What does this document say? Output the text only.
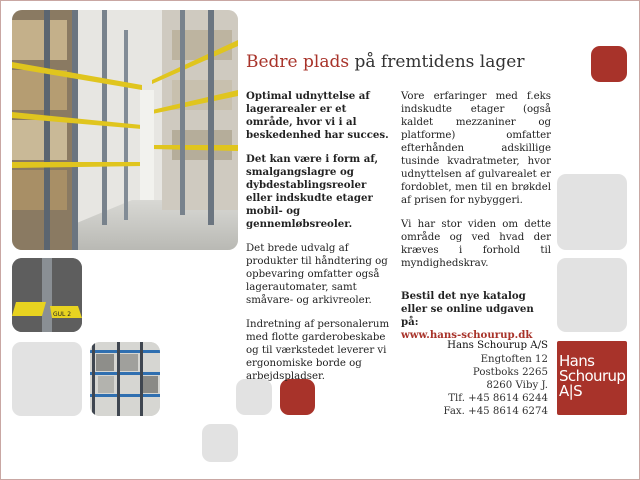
GUL 2
Bedre plads på fremtidens lager

Optimal udnyttelse af lagerarealer er et område, hvor vi i al beskedenhed har succes.

Det kan være i form af, smalgangslagre og dybdestablingsreoler eller indskudte etager mobil- og gennemløbsreoler.

Det brede udvalg af produkter til håndtering og opbevaring omfatter også lagerautomater, samt småvare- og arkivreoler.

Indretning af personalerum med flotte garderobeskabe og til værkstedet leverer vi ergonomiske borde og arbejdspladser.

Vore erfaringer med f.eks indskudte etager (også kaldet mezzaniner og platforme) omfatter efterhånden adskillige tusinde kvadratmeter, hvor udnyttelsen af gulvarealet er fordoblet, men til en brøkdel af prisen for nybyggeri.

Vi har stor viden om dette område og ved hvad der kræves i forhold til myndighedskrav.

Bestil det nye katalog eller se online udgaven på:

www.hans-schourup.dk

Hans Schourup A/S
Engtoften 12
Postboks 2265
8260 Viby J.
Tlf. +45 8614 6244
Fax. +45 8614 6274
Hans
Schourup
A|S
